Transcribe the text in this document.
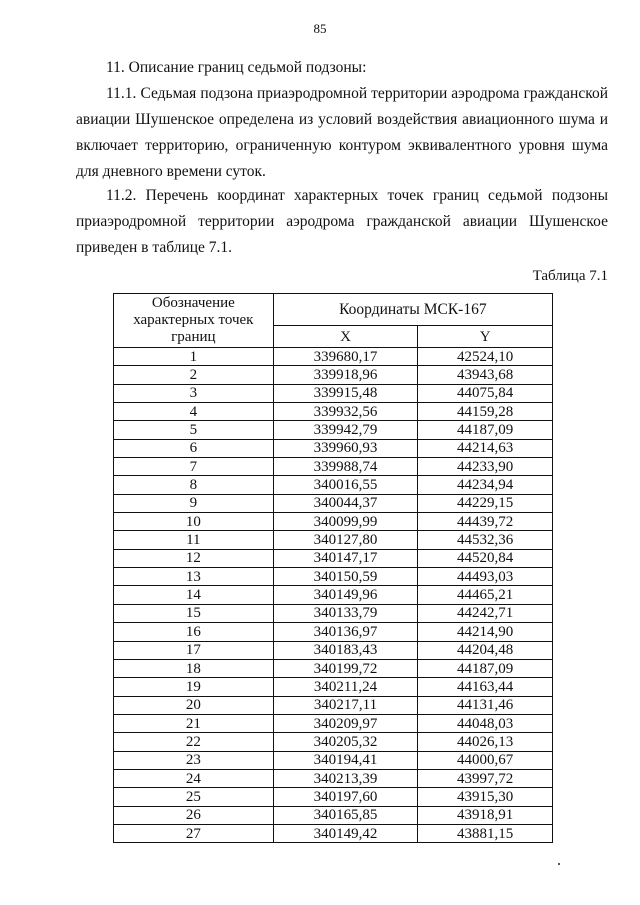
85

11. Описание границ седьмой подзоны:

11.1. Седьмая подзона приаэродромной территории аэродрома гражданской авиации Шушенское определена из условий воздействия авиационного шума и включает территорию, ограниченную контуром эквивалентного уровня шума для дневного времени суток.

11.2. Перечень координат характерных точек границ седьмой подзоны приаэродромной территории аэродрома гражданской авиации Шушенское приведен в таблице 7.1.

Таблица 7.1
Обозначение характерных точек границ	Координаты МСК-167	
	X	Y
1	339680,17	42524,10
2	339918,96	43943,68
3	339915,48	44075,84
4	339932,56	44159,28
5	339942,79	44187,09
6	339960,93	44214,63
7	339988,74	44233,90
8	340016,55	44234,94
9	340044,37	44229,15
10	340099,99	44439,72
11	340127,80	44532,36
12	340147,17	44520,84
13	340150,59	44493,03
14	340149,96	44465,21
15	340133,79	44242,71
16	340136,97	44214,90
17	340183,43	44204,48
18	340199,72	44187,09
19	340211,24	44163,44
20	340217,11	44131,46
21	340209,97	44048,03
22	340205,32	44026,13
23	340194,41	44000,67
24	340213,39	43997,72
25	340197,60	43915,30
26	340165,85	43918,91
27	340149,42	43881,15
